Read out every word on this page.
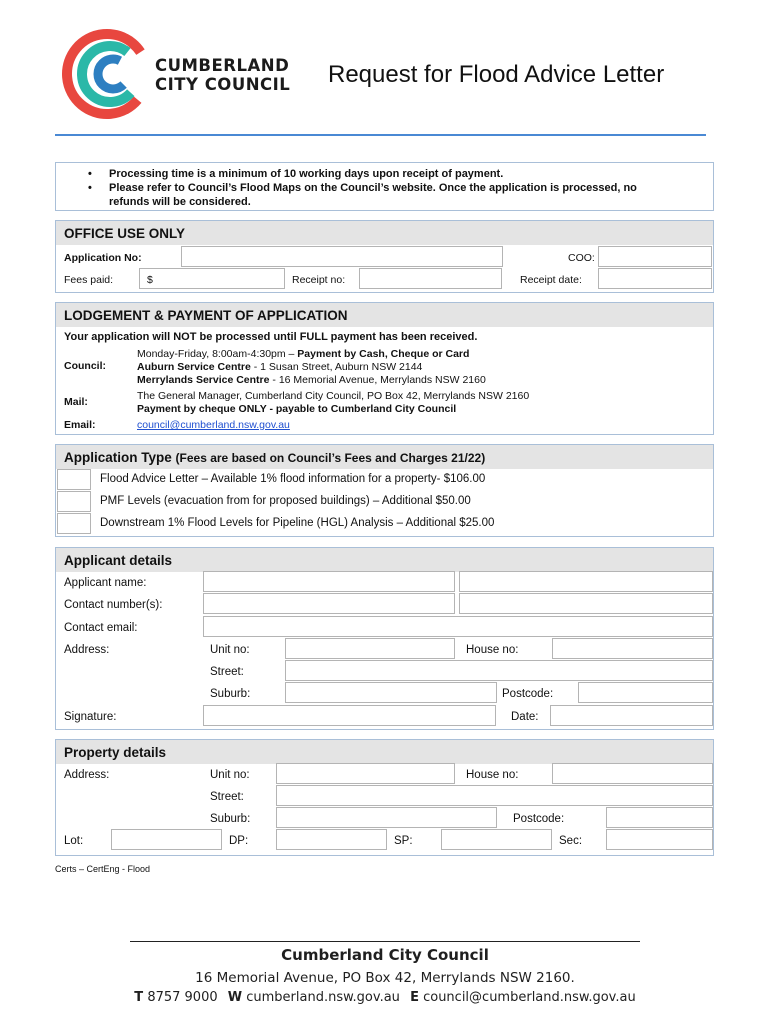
CUMBERLAND
CITY COUNCIL Request for Flood Advice Letter
• Processing time is a minimum of 10 working days upon receipt of payment.
• Please refer to Council’s Flood Maps on the Council’s website. Once the application is processed, no refunds will be considered.
OFFICE USE ONLY
Application No:	COO:
Fees paid:	$	Receipt no:	Receipt date:
LODGEMENT & PAYMENT OF APPLICATION
Your application will NOT be processed until FULL payment has been received.
Council:
Monday-Friday, 8:00am-4:30pm – Payment by Cash, Cheque or Card
Auburn Service Centre - 1 Susan Street, Auburn NSW 2144
Merrylands Service Centre - 16 Memorial Avenue, Merrylands NSW 2160
Mail:	The General Manager, Cumberland City Council, PO Box 42, Merrylands NSW 2160
Payment by cheque ONLY - payable to Cumberland City Council
Email:	council@cumberland.nsw.gov.au
Application Type (Fees are based on Council’s Fees and Charges 21/22)
Flood Advice Letter – Available 1% flood information for a property- $106.00
PMF Levels (evacuation from for proposed buildings) – Additional $50.00
Downstream 1% Flood Levels for Pipeline (HGL) Analysis – Additional $25.00
Applicant details
Applicant name:
Contact number(s):
Contact email:
Address:	Unit no:	House no:
Street:
Suburb:	Postcode:
Signature:	Date:
Property details
Address:	Unit no:	House no:
Street:
Suburb:	Postcode:
Lot:	DP:	SP:	Sec:
Certs – CertEng - Flood
Cumberland City Council
16 Memorial Avenue, PO Box 42, Merrylands NSW 2160.
T 8757 9000 W cumberland.nsw.gov.au E council@cumberland.nsw.gov.au
